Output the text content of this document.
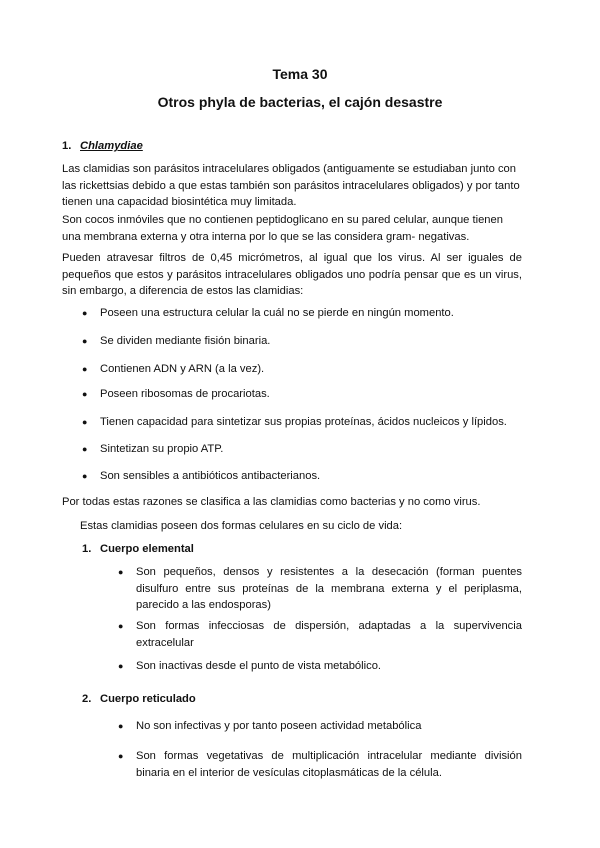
Tema 30
Otros phyla de bacterias, el cajón desastre
1. Chlamydiae
Las clamidias son parásitos intracelulares obligados (antiguamente se estudiaban junto con las rickettsias debido a que estas también son parásitos intracelulares obligados) y por tanto tienen una capacidad biosintética muy limitada.
Son cocos inmóviles que no contienen peptidoglicano en su pared celular, aunque tienen una membrana externa y otra interna por lo que se las considera gram- negativas.
Pueden atravesar filtros de 0,45 micrómetros, al igual que los virus. Al ser iguales de pequeños que estos y parásitos intracelulares obligados uno podría pensar que es un virus, sin embargo, a diferencia de estos las clamidias:
● Poseen una estructura celular la cuál no se pierde en ningún momento.
● Se dividen mediante fisión binaria.
● Contienen ADN y ARN (a la vez).
● Poseen ribosomas de procariotas.
● Tienen capacidad para sintetizar sus propias proteínas, ácidos nucleicos y lípidos.
● Sintetizan su propio ATP.
● Son sensibles a antibióticos antibacterianos.
Por todas estas razones se clasifica a las clamidias como bacterias y no como virus.
Estas clamidias poseen dos formas celulares en su ciclo de vida:
1. Cuerpo elemental
● Son pequeños, densos y resistentes a la desecación (forman puentes disulfuro entre sus proteínas de la membrana externa y el periplasma, parecido a las endosporas)
● Son formas infecciosas de dispersión, adaptadas a la supervivencia extracelular
● Son inactivas desde el punto de vista metabólico.
2. Cuerpo reticulado
● No son infectivas y por tanto poseen actividad metabólica
● Son formas vegetativas de multiplicación intracelular mediante división binaria en el interior de vesículas citoplasmáticas de la célula.
